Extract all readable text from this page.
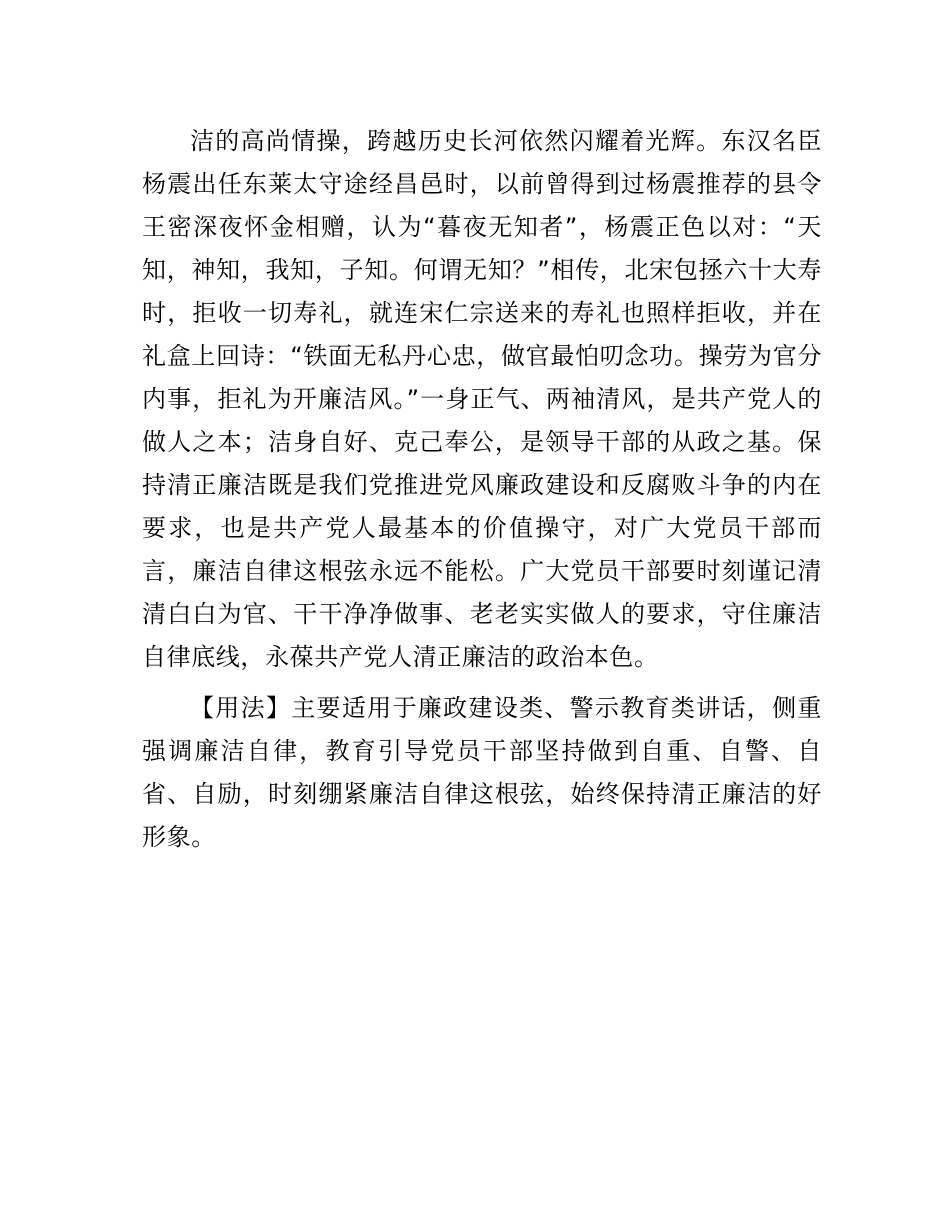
洁的高尚情操，跨越历史长河依然闪耀着光辉。东汉名臣杨震出任东莱太守途经昌邑时，以前曾得到过杨震推荐的县令王密深夜怀金相赠，认为“暮夜无知者”，杨震正色以对：“天知，神知，我知，子知。何谓无知？”相传，北宋包拯六十大寿时，拒收一切寿礼，就连宋仁宗送来的寿礼也照样拒收，并在礼盒上回诗：“铁面无私丹心忠，做官最怕叨念功。操劳为官分内事，拒礼为开廉洁风。”一身正气、两袖清风，是共产党人的做人之本；洁身自好、克己奉公，是领导干部的从政之基。保持清正廉洁既是我们党推进党风廉政建设和反腐败斗争的内在要求，也是共产党人最基本的价值操守，对广大党员干部而言，廉洁自律这根弦永远不能松。广大党员干部要时刻谨记清清白白为官、干干净净做事、老老实实做人的要求，守住廉洁自律底线，永葆共产党人清正廉洁的政治本色。

【用法】主要适用于廉政建设类、警示教育类讲话，侧重强调廉洁自律，教育引导党员干部坚持做到自重、自警、自省、自励，时刻绷紧廉洁自律这根弦，始终保持清正廉洁的好形象。
